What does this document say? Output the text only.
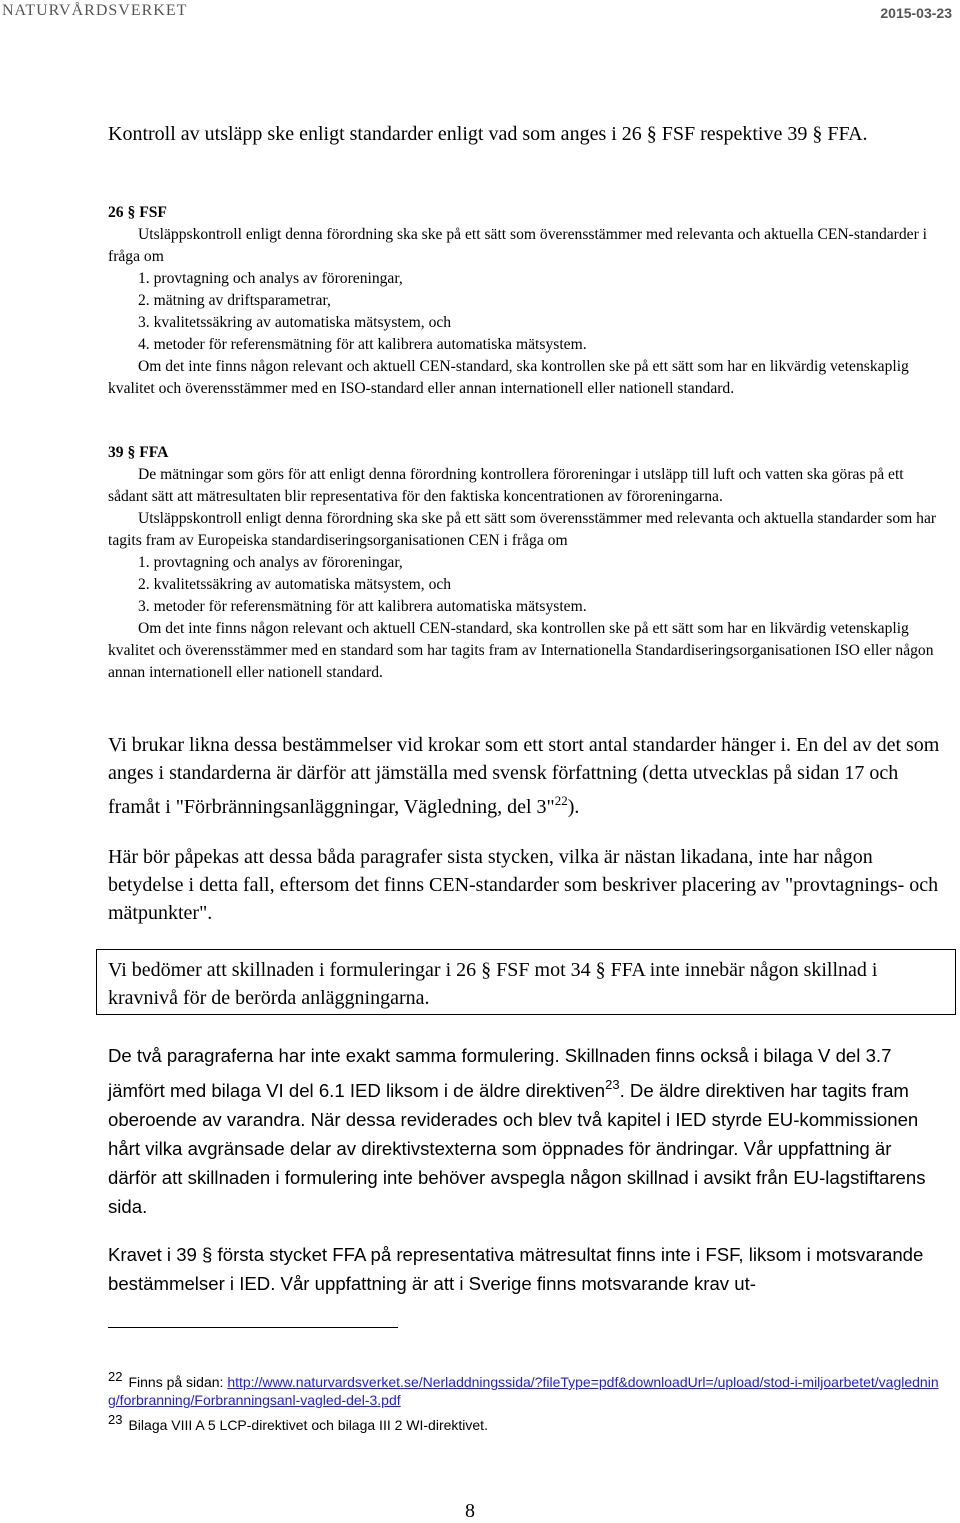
NATURVÅRDSVERKET	2015-03-23
Kontroll av utsläpp ske enligt standarder enligt vad som anges i 26 § FSF respektive 39 § FFA.
26 § FSF
Utsläppskontroll enligt denna förordning ska ske på ett sätt som överensstämmer med relevanta och aktuella CEN-standarder i fråga om
1. provtagning och analys av föroreningar,
2. mätning av driftsparametrar,
3. kvalitetssäkring av automatiska mätsystem, och
4. metoder för referensmätning för att kalibrera automatiska mätsystem.
Om det inte finns någon relevant och aktuell CEN-standard, ska kontrollen ske på ett sätt som har en likvärdig vetenskaplig kvalitet och överensstämmer med en ISO-standard eller annan internationell eller nationell standard.
39 § FFA
De mätningar som görs för att enligt denna förordning kontrollera föroreningar i utsläpp till luft och vatten ska göras på ett sådant sätt att mätresultaten blir representativa för den faktiska koncentrationen av föroreningarna.
Utsläppskontroll enligt denna förordning ska ske på ett sätt som överensstämmer med relevanta och aktuella standarder som har tagits fram av Europeiska standardiseringsorganisationen CEN i fråga om
1. provtagning och analys av föroreningar,
2. kvalitetssäkring av automatiska mätsystem, och
3. metoder för referensmätning för att kalibrera automatiska mätsystem.
Om det inte finns någon relevant och aktuell CEN-standard, ska kontrollen ske på ett sätt som har en likvärdig vetenskaplig kvalitet och överensstämmer med en standard som har tagits fram av Internationella Standardiseringsorganisationen ISO eller någon annan internationell eller nationell standard.
Vi brukar likna dessa bestämmelser vid krokar som ett stort antal standarder hänger i. En del av det som anges i standarderna är därför att jämställa med svensk författning (detta utvecklas på sidan 17 och framåt i "Förbränningsanläggningar, Vägledning, del 3"$^{22}$).
Här bör påpekas att dessa båda paragrafer sista stycken, vilka är nästan likadana, inte har någon betydelse i detta fall, eftersom det finns CEN-standarder som beskriver placering av "provtagnings- och mätpunkter".
Vi bedömer att skillnaden i formuleringar i 26 § FSF mot 34 § FFA inte innebär någon skillnad i kravnivå för de berörda anläggningarna.
De två paragraferna har inte exakt samma formulering. Skillnaden finns också i bilaga V del 3.7 jämfört med bilaga VI del 6.1 IED liksom i de äldre direktiven$^{23}$. De äldre direktiven har tagits fram oberoende av varandra. När dessa reviderades och blev två kapitel i IED styrde EU-kommissionen hårt vilka avgränsade delar av direktivstexterna som öppnades för ändringar. Vår uppfattning är därför att skillnaden i formulering inte behöver avspegla någon skillnad i avsikt från EU-lagstiftarens sida.
Kravet i 39 § första stycket FFA på representativa mätresultat finns inte i FSF, liksom i motsvarande bestämmelser i IED. Vår uppfattning är att i Sverige finns motsvarande krav ut-
$^{22}$ Finns på sidan: http://www.naturvardsverket.se/Nerladdningssida/?fileType=pdf&downloadUrl=/upload/stod-i-miljoarbetet/vagledning/forbranning/Forbranningsanl-vagled-del-3.pdf
$^{23}$ Bilaga VIII A 5 LCP-direktivet och bilaga III 2 WI-direktivet.
8
